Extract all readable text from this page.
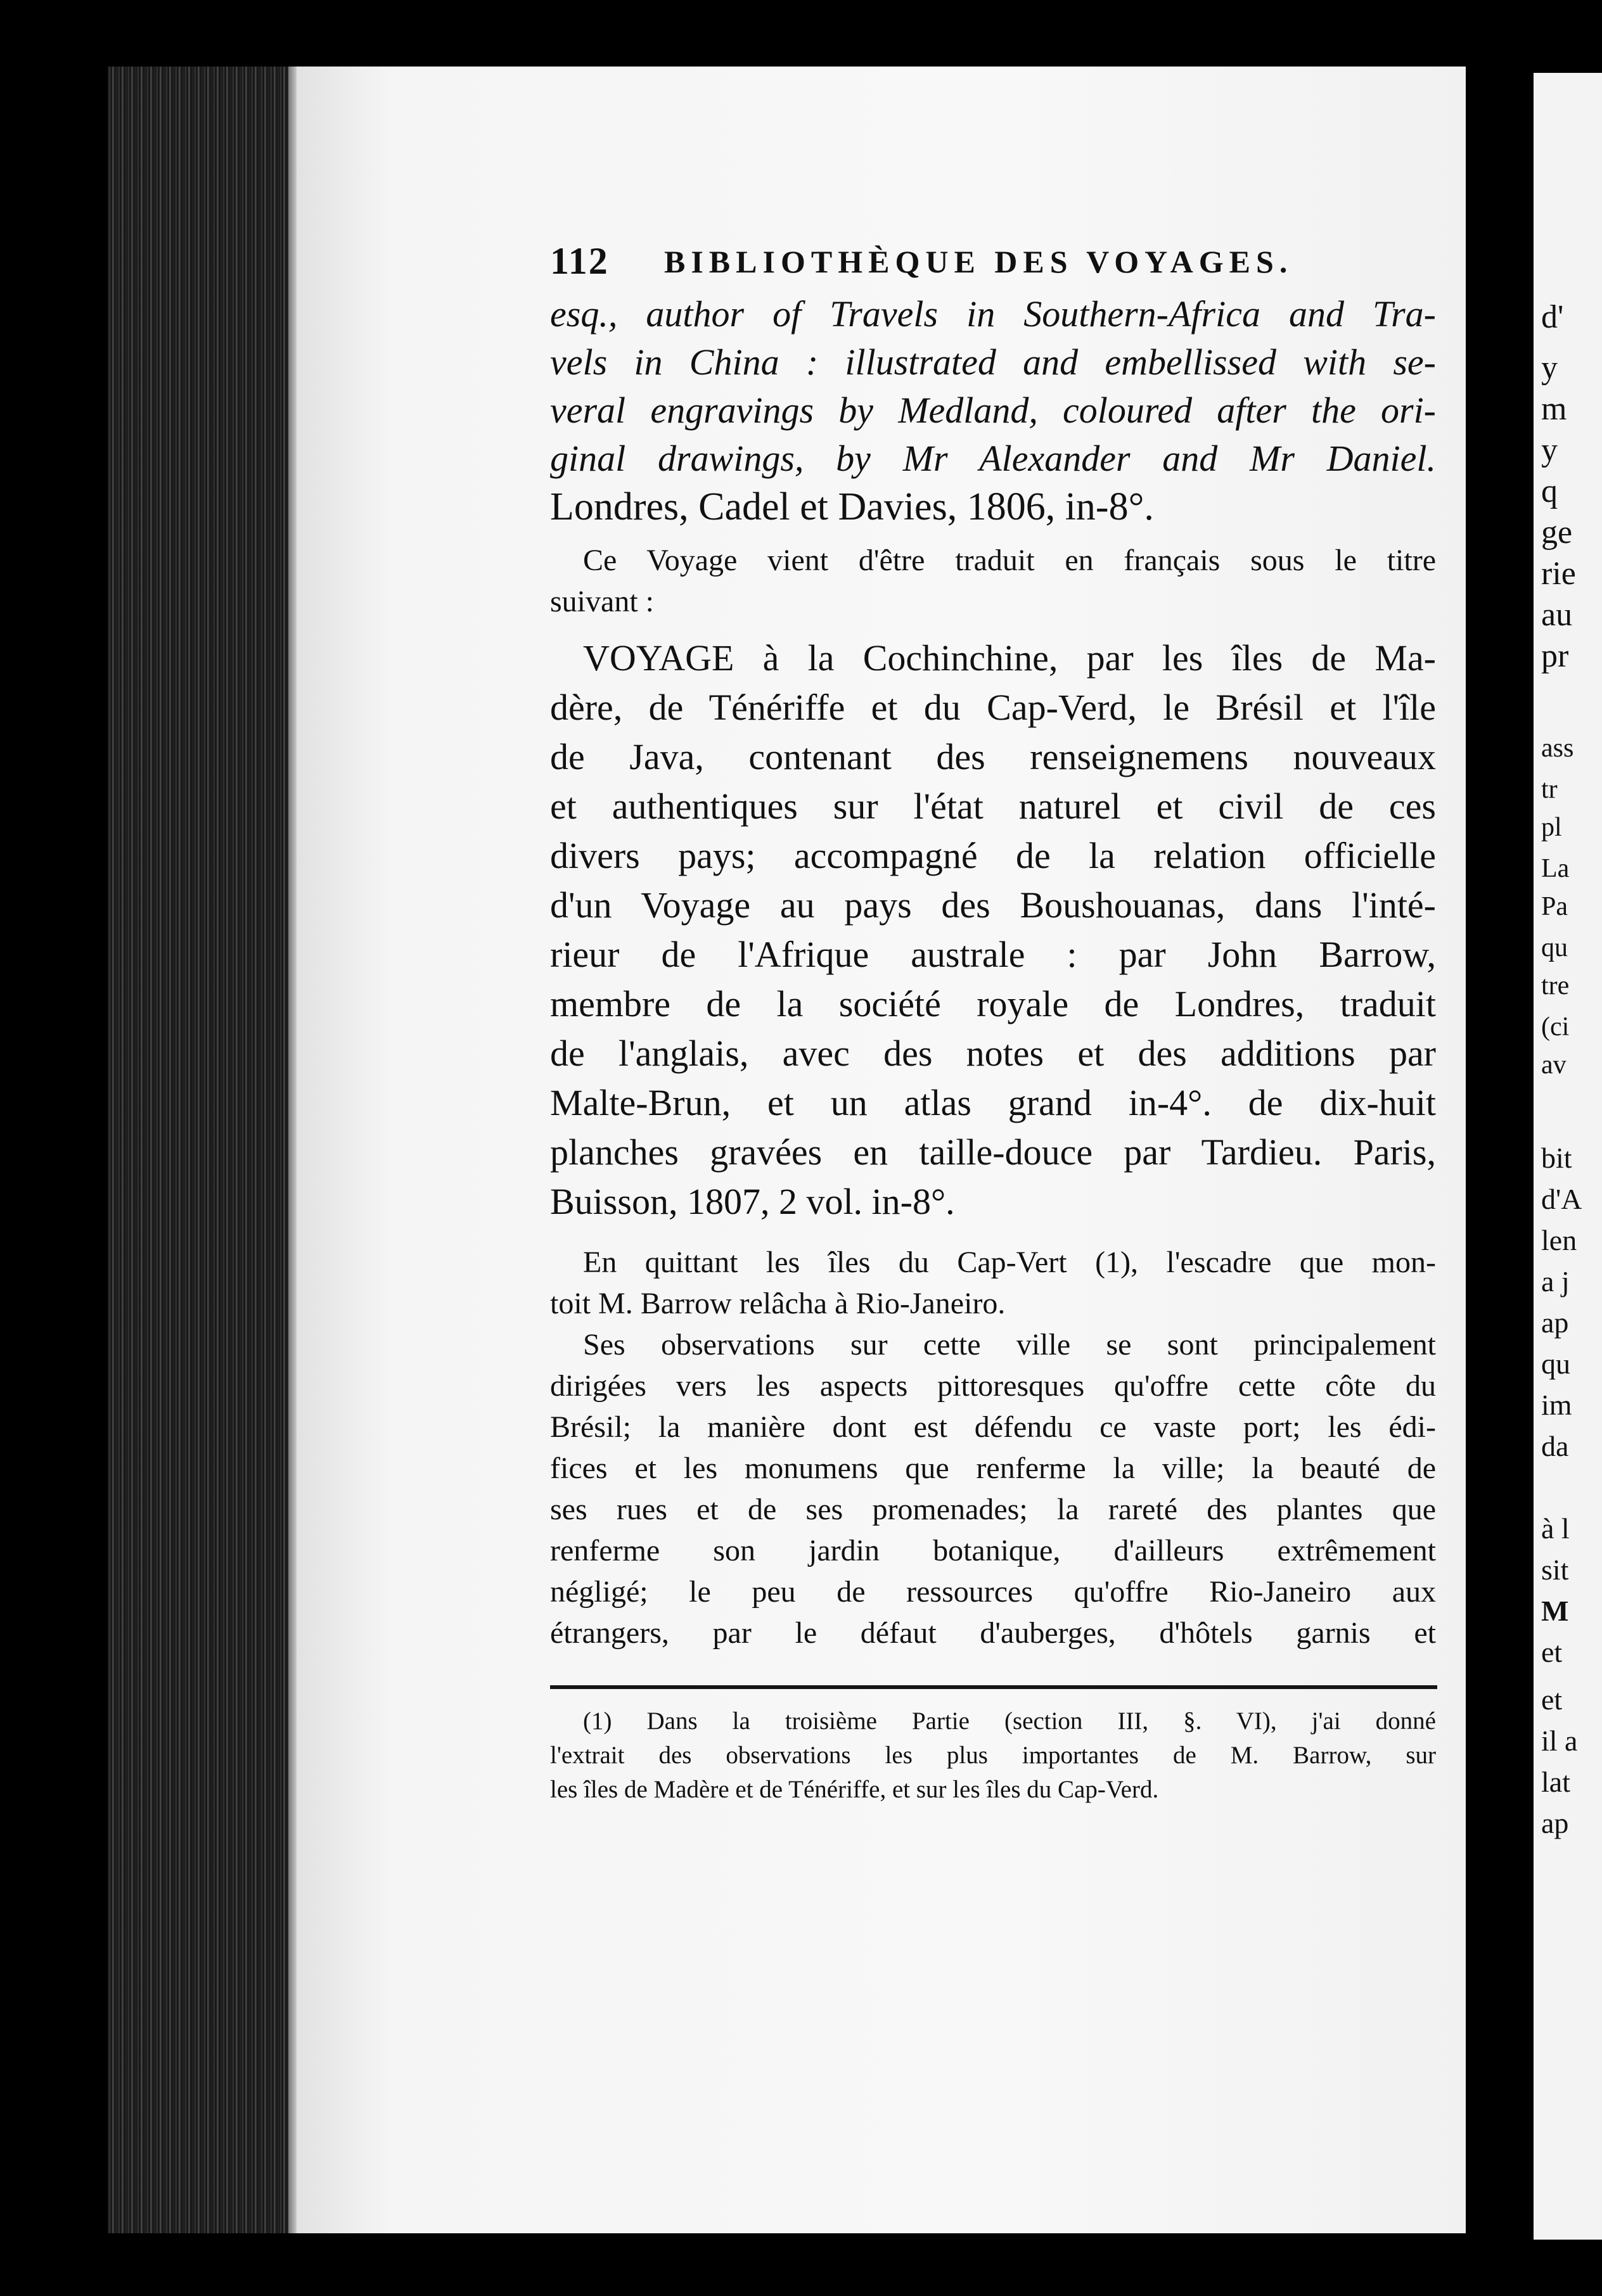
112 BIBLIOTHÈQUE DES VOYAGES.
esq., author of Travels in Southern-Africa and Tra-
vels in China : illustrated and embellissed with se-
veral engravings by Medland, coloured after the ori-
ginal drawings, by Mr Alexander and Mr Daniel.
Londres, Cadel et Davies, 1806, in-8°.
Ce Voyage vient d'être traduit en français sous le titre
suivant :
VOYAGE à la Cochinchine, par les îles de Ma-
dère, de Ténériffe et du Cap-Verd, le Brésil et l'île
de Java, contenant des renseignemens nouveaux
et authentiques sur l'état naturel et civil de ces
divers pays; accompagné de la relation officielle
d'un Voyage au pays des Boushouanas, dans l'inté-
rieur de l'Afrique australe : par John Barrow,
membre de la société royale de Londres, traduit
de l'anglais, avec des notes et des additions par
Malte-Brun, et un atlas grand in-4°. de dix-huit
planches gravées en taille-douce par Tardieu. Paris,
Buisson, 1807, 2 vol. in-8°.
En quittant les îles du Cap-Vert (1), l'escadre que mon-
toit M. Barrow relâcha à Rio-Janeiro.
Ses observations sur cette ville se sont principalement
dirigées vers les aspects pittoresques qu'offre cette côte du
Brésil; la manière dont est défendu ce vaste port; les édi-
fices et les monumens que renferme la ville; la beauté de
ses rues et de ses promenades; la rareté des plantes que
renferme son jardin botanique, d'ailleurs extrêmement
négligé; le peu de ressources qu'offre Rio-Janeiro aux
étrangers, par le défaut d'auberges, d'hôtels garnis et
(1) Dans la troisième Partie (section III, §. VI), j'ai donné
l'extrait des observations les plus importantes de M. Barrow, sur
les îles de Madère et de Ténériffe, et sur les îles du Cap-Verd.
d'
y
m
y
q
ge
rie
au
pr
ass
tr
pl
La
Pa
qu
tre
(ci
av
bit
d'A
len
a j
ap
qu
im
da
à l
sit
M
et
et
il a
lat
ap
